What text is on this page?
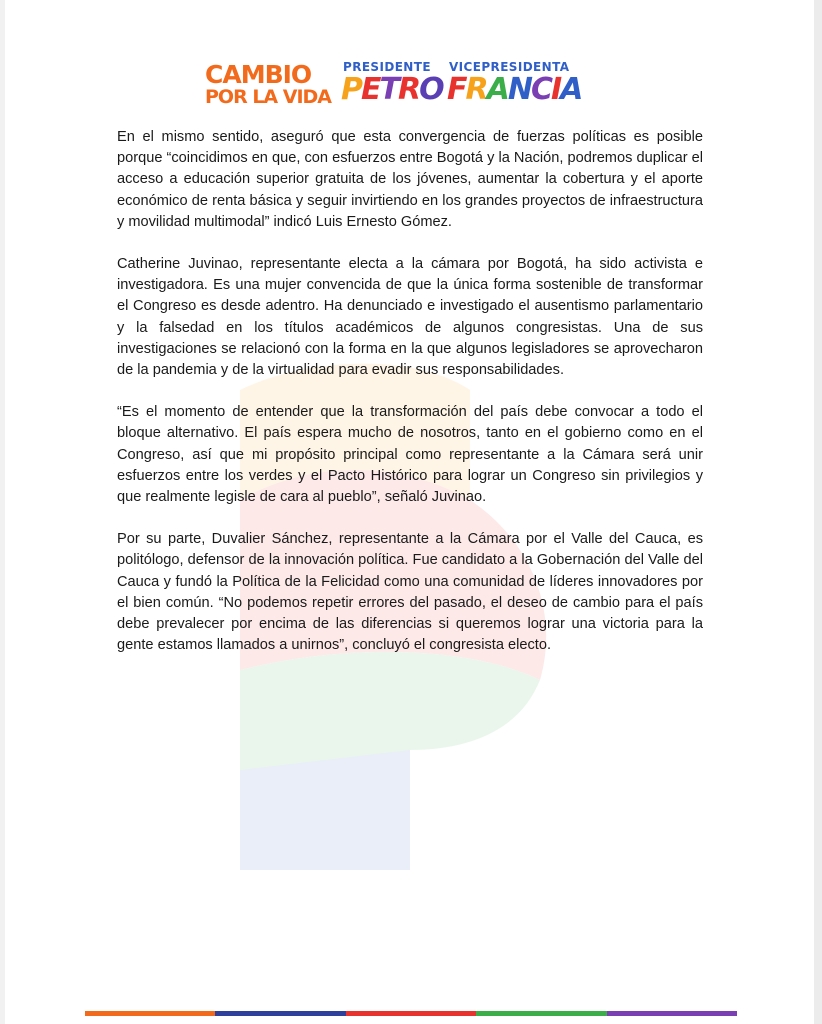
CAMBIO
POR LA VIDA
PRESIDENTE VICEPRESIDENTA
PETRO FRANCIA

En el mismo sentido, aseguró que esta convergencia de fuerzas políticas es posible porque “coincidimos en que, con esfuerzos entre Bogotá y la Nación, podremos duplicar el acceso a educación superior gratuita de los jóvenes, aumentar la cobertura y el aporte económico de renta básica y seguir invirtiendo en los grandes proyectos de infraestructura y movilidad multimodal” indicó Luis Ernesto Gómez.

Catherine Juvinao, representante electa a la cámara por Bogotá, ha sido activista e investigadora. Es una mujer convencida de que la única forma sostenible de transformar el Congreso es desde adentro. Ha denunciado e investigado el ausentismo parlamentario y la falsedad en los títulos académicos de algunos congresistas. Una de sus investigaciones se relacionó con la forma en la que algunos legisladores se aprovecharon de la pandemia y de la virtualidad para evadir sus responsabilidades.

“Es el momento de entender que la transformación del país debe convocar a todo el bloque alternativo. El país espera mucho de nosotros, tanto en el gobierno como en el Congreso, así que mi propósito principal como representante a la Cámara será unir esfuerzos entre los verdes y el Pacto Histórico para lograr un Congreso sin privilegios y que realmente legisle de cara al pueblo”, señaló Juvinao.

Por su parte, Duvalier Sánchez, representante a la Cámara por el Valle del Cauca, es politólogo, defensor de la innovación política. Fue candidato a la Gobernación del Valle del Cauca y fundó la Política de la Felicidad como una comunidad de líderes innovadores por el bien común. “No podemos repetir errores del pasado, el deseo de cambio para el país debe prevalecer por encima de las diferencias si queremos lograr una victoria para la gente estamos llamados a unirnos”, concluyó el congresista electo.
